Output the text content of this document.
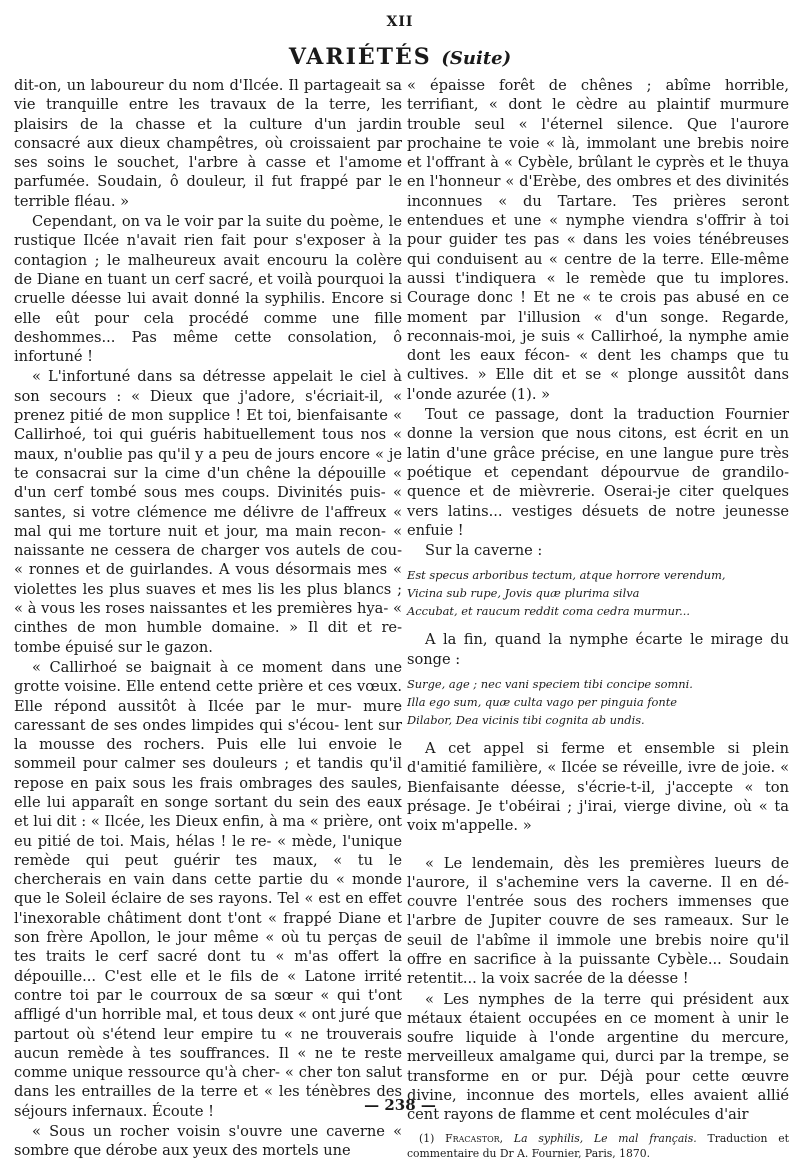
XII
VARIÉTÉS (Suite)

dit-on, un laboureur du nom d'Ilcée. Il partageait sa vie tranquille entre les travaux de la terre, les plaisirs de la chasse et la culture d'un jardin consacré aux dieux champêtres, où croissaient par ses soins le souchet, l'arbre à casse et l'amome parfumée. Soudain, ô douleur, il fut frappé par le terrible fléau. »

Cependant, on va le voir par la suite du poème, le rustique Ilcée n'avait rien fait pour s'exposer à la contagion ; le malheureux avait encouru la colère de Diane en tuant un cerf sacré, et voilà pourquoi la cruelle déesse lui avait donné la syphilis. Encore si elle eût pour cela procédé comme une fille deshommes... Pas même cette consolation, ô infortuné !

« L'infortuné dans sa détresse appelait le ciel à son secours : « Dieux que j'adore, s'écriait-il, « prenez pitié de mon supplice ! Et toi, bienfaisante « Callirhoé, toi qui guéris habituellement tous nos « maux, n'oublie pas qu'il y a peu de jours encore « je te consacrai sur la cime d'un chêne la dépouille « d'un cerf tombé sous mes coups. Divinités puis- « santes, si votre clémence me délivre de l'affreux « mal qui me torture nuit et jour, ma main recon- « naissante ne cessera de charger vos autels de cou- « ronnes et de guirlandes. A vous désormais mes « violettes les plus suaves et mes lis les plus blancs ; « à vous les roses naissantes et les premières hya- « cinthes de mon humble domaine. » Il dit et re- tombe épuisé sur le gazon.

« Callirhoé se baignait à ce moment dans une grotte voisine. Elle entend cette prière et ces vœux. Elle répond aussitôt à Ilcée par le mur- mure caressant de ses ondes limpides qui s'écou- lent sur la mousse des rochers. Puis elle lui envoie le sommeil pour calmer ses douleurs ; et tandis qu'il repose en paix sous les frais ombrages des saules, elle lui apparaît en songe sortant du sein des eaux et lui dit : « Ilcée, les Dieux enfin, à ma « prière, ont eu pitié de toi. Mais, hélas ! le re- « mède, l'unique remède qui peut guérir tes maux, « tu le chercherais en vain dans cette partie du « monde que le Soleil éclaire de ses rayons. Tel « est en effet l'inexorable châtiment dont t'ont « frappé Diane et son frère Apollon, le jour même « où tu perças de tes traits le cerf sacré dont tu « m'as offert la dépouille... C'est elle et le fils de « Latone irrité contre toi par le courroux de sa sœur « qui t'ont affligé d'un horrible mal, et tous deux « ont juré que partout où s'étend leur empire tu « ne trouverais aucun remède à tes souffrances. Il « ne te reste comme unique ressource qu'à cher- « cher ton salut dans les entrailles de la terre et « les ténèbres des séjours infernaux. Écoute !

« Sous un rocher voisin s'ouvre une caverne « sombre que dérobe aux yeux des mortels une

« épaisse forêt de chênes ; abîme horrible, terrifiant, « dont le cèdre au plaintif murmure trouble seul « l'éternel silence. Que l'aurore prochaine te voie « là, immolant une brebis noire et l'offrant à « Cybèle, brûlant le cyprès et le thuya en l'honneur « d'Erèbe, des ombres et des divinités inconnues « du Tartare. Tes prières seront entendues et une « nymphe viendra s'offrir à toi pour guider tes pas « dans les voies ténébreuses qui conduisent au « centre de la terre. Elle-même aussi t'indiquera « le remède que tu implores. Courage donc ! Et ne « te crois pas abusé en ce moment par l'illusion « d'un songe. Regarde, reconnais-moi, je suis « Callirhoé, la nymphe amie dont les eaux fécon- « dent les champs que tu cultives. » Elle dit et se « plonge aussitôt dans l'onde azurée (1). »

Tout ce passage, dont la traduction Fournier donne la version que nous citons, est écrit en un latin d'une grâce précise, en une langue pure très poétique et cependant dépourvue de grandilo- quence et de mièvrerie. Oserai-je citer quelques vers latins... vestiges désuets de notre jeunesse enfuie !

Sur la caverne :

Est specus arboribus tectum, atque horrore verendum,
Vicina sub rupe, Jovis quæ plurima silva
Accubat, et raucum reddit coma cedra murmur...

A la fin, quand la nymphe écarte le mirage du songe :

Surge, age ; nec vani speciem tibi concipe somni.
Illa ego sum, quæ culta vago per pinguia fonte
Dilabor, Dea vicinis tibi cognita ab undis.

A cet appel si ferme et ensemble si plein d'amitié familière, « Ilcée se réveille, ivre de joie. « Bienfaisante déesse, s'écrie-t-il, j'accepte « ton présage. Je t'obéirai ; j'irai, vierge divine, où « ta voix m'appelle. »

« Le lendemain, dès les premières lueurs de l'aurore, il s'achemine vers la caverne. Il en dé- couvre l'entrée sous des rochers immenses que l'arbre de Jupiter couvre de ses rameaux. Sur le seuil de l'abîme il immole une brebis noire qu'il offre en sacrifice à la puissante Cybèle... Soudain retentit... la voix sacrée de la déesse !

« Les nymphes de la terre qui président aux métaux étaient occupées en ce moment à unir le soufre liquide à l'onde argentine du mercure, merveilleux amalgame qui, durci par la trempe, se transforme en or pur. Déjà pour cette œuvre divine, inconnue des mortels, elles avaient allié cent rayons de flamme et cent molécules d'air

(1) Fracastor, La syphilis, Le mal français. Traduction et commentaire du Dr A. Fournier, Paris, 1870.

— 238 —
